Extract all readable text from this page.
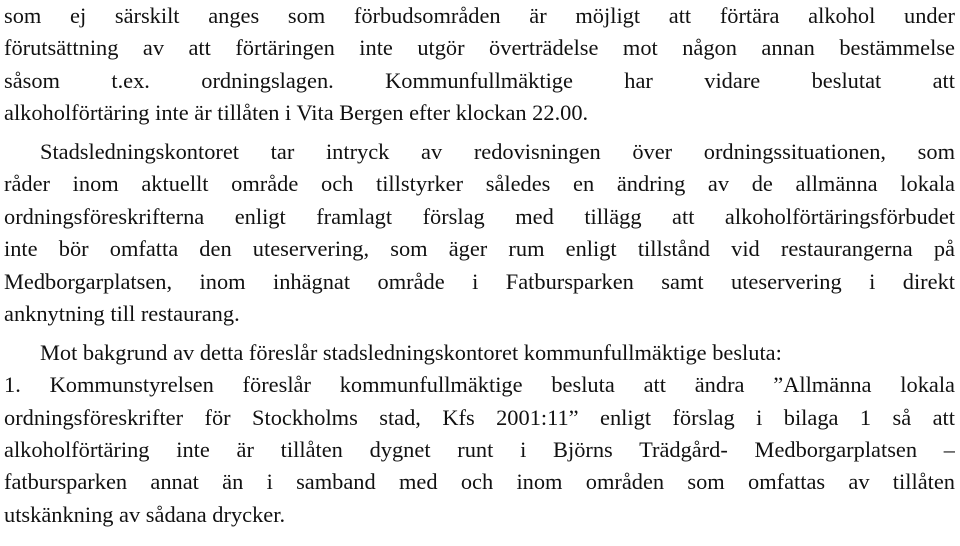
som ej särskilt anges som förbudsområden är möjligt att förtära alkohol under
förutsättning av att förtäringen inte utgör överträdelse mot någon annan bestämmelse
såsom t.ex. ordningslagen. Kommunfullmäktige har vidare beslutat att
alkoholförtäring inte är tillåten i Vita Bergen efter klockan 22.00.
Stadsledningskontoret tar intryck av redovisningen över ordningssituationen, som
råder inom aktuellt område och tillstyrker således en ändring av de allmänna lokala
ordningsföreskrifterna enligt framlagt förslag med tillägg att alkoholförtäringsförbudet
inte bör omfatta den uteservering, som äger rum enligt tillstånd vid restaurangerna på
Medborgarplatsen, inom inhägnat område i Fatbursparken samt uteservering i direkt
anknytning till restaurang.
Mot bakgrund av detta föreslår stadsledningskontoret kommunfullmäktige besluta:
1. Kommunstyrelsen föreslår kommunfullmäktige besluta att ändra ”Allmänna lokala
ordningsföreskrifter för Stockholms stad, Kfs 2001:11” enligt förslag i bilaga 1 så att
alkoholförtäring inte är tillåten dygnet runt i Björns Trädgård- Medborgarplatsen –
fatbursparken annat än i samband med och inom områden som omfattas av tillåten
utskänkning av sådana drycker.
